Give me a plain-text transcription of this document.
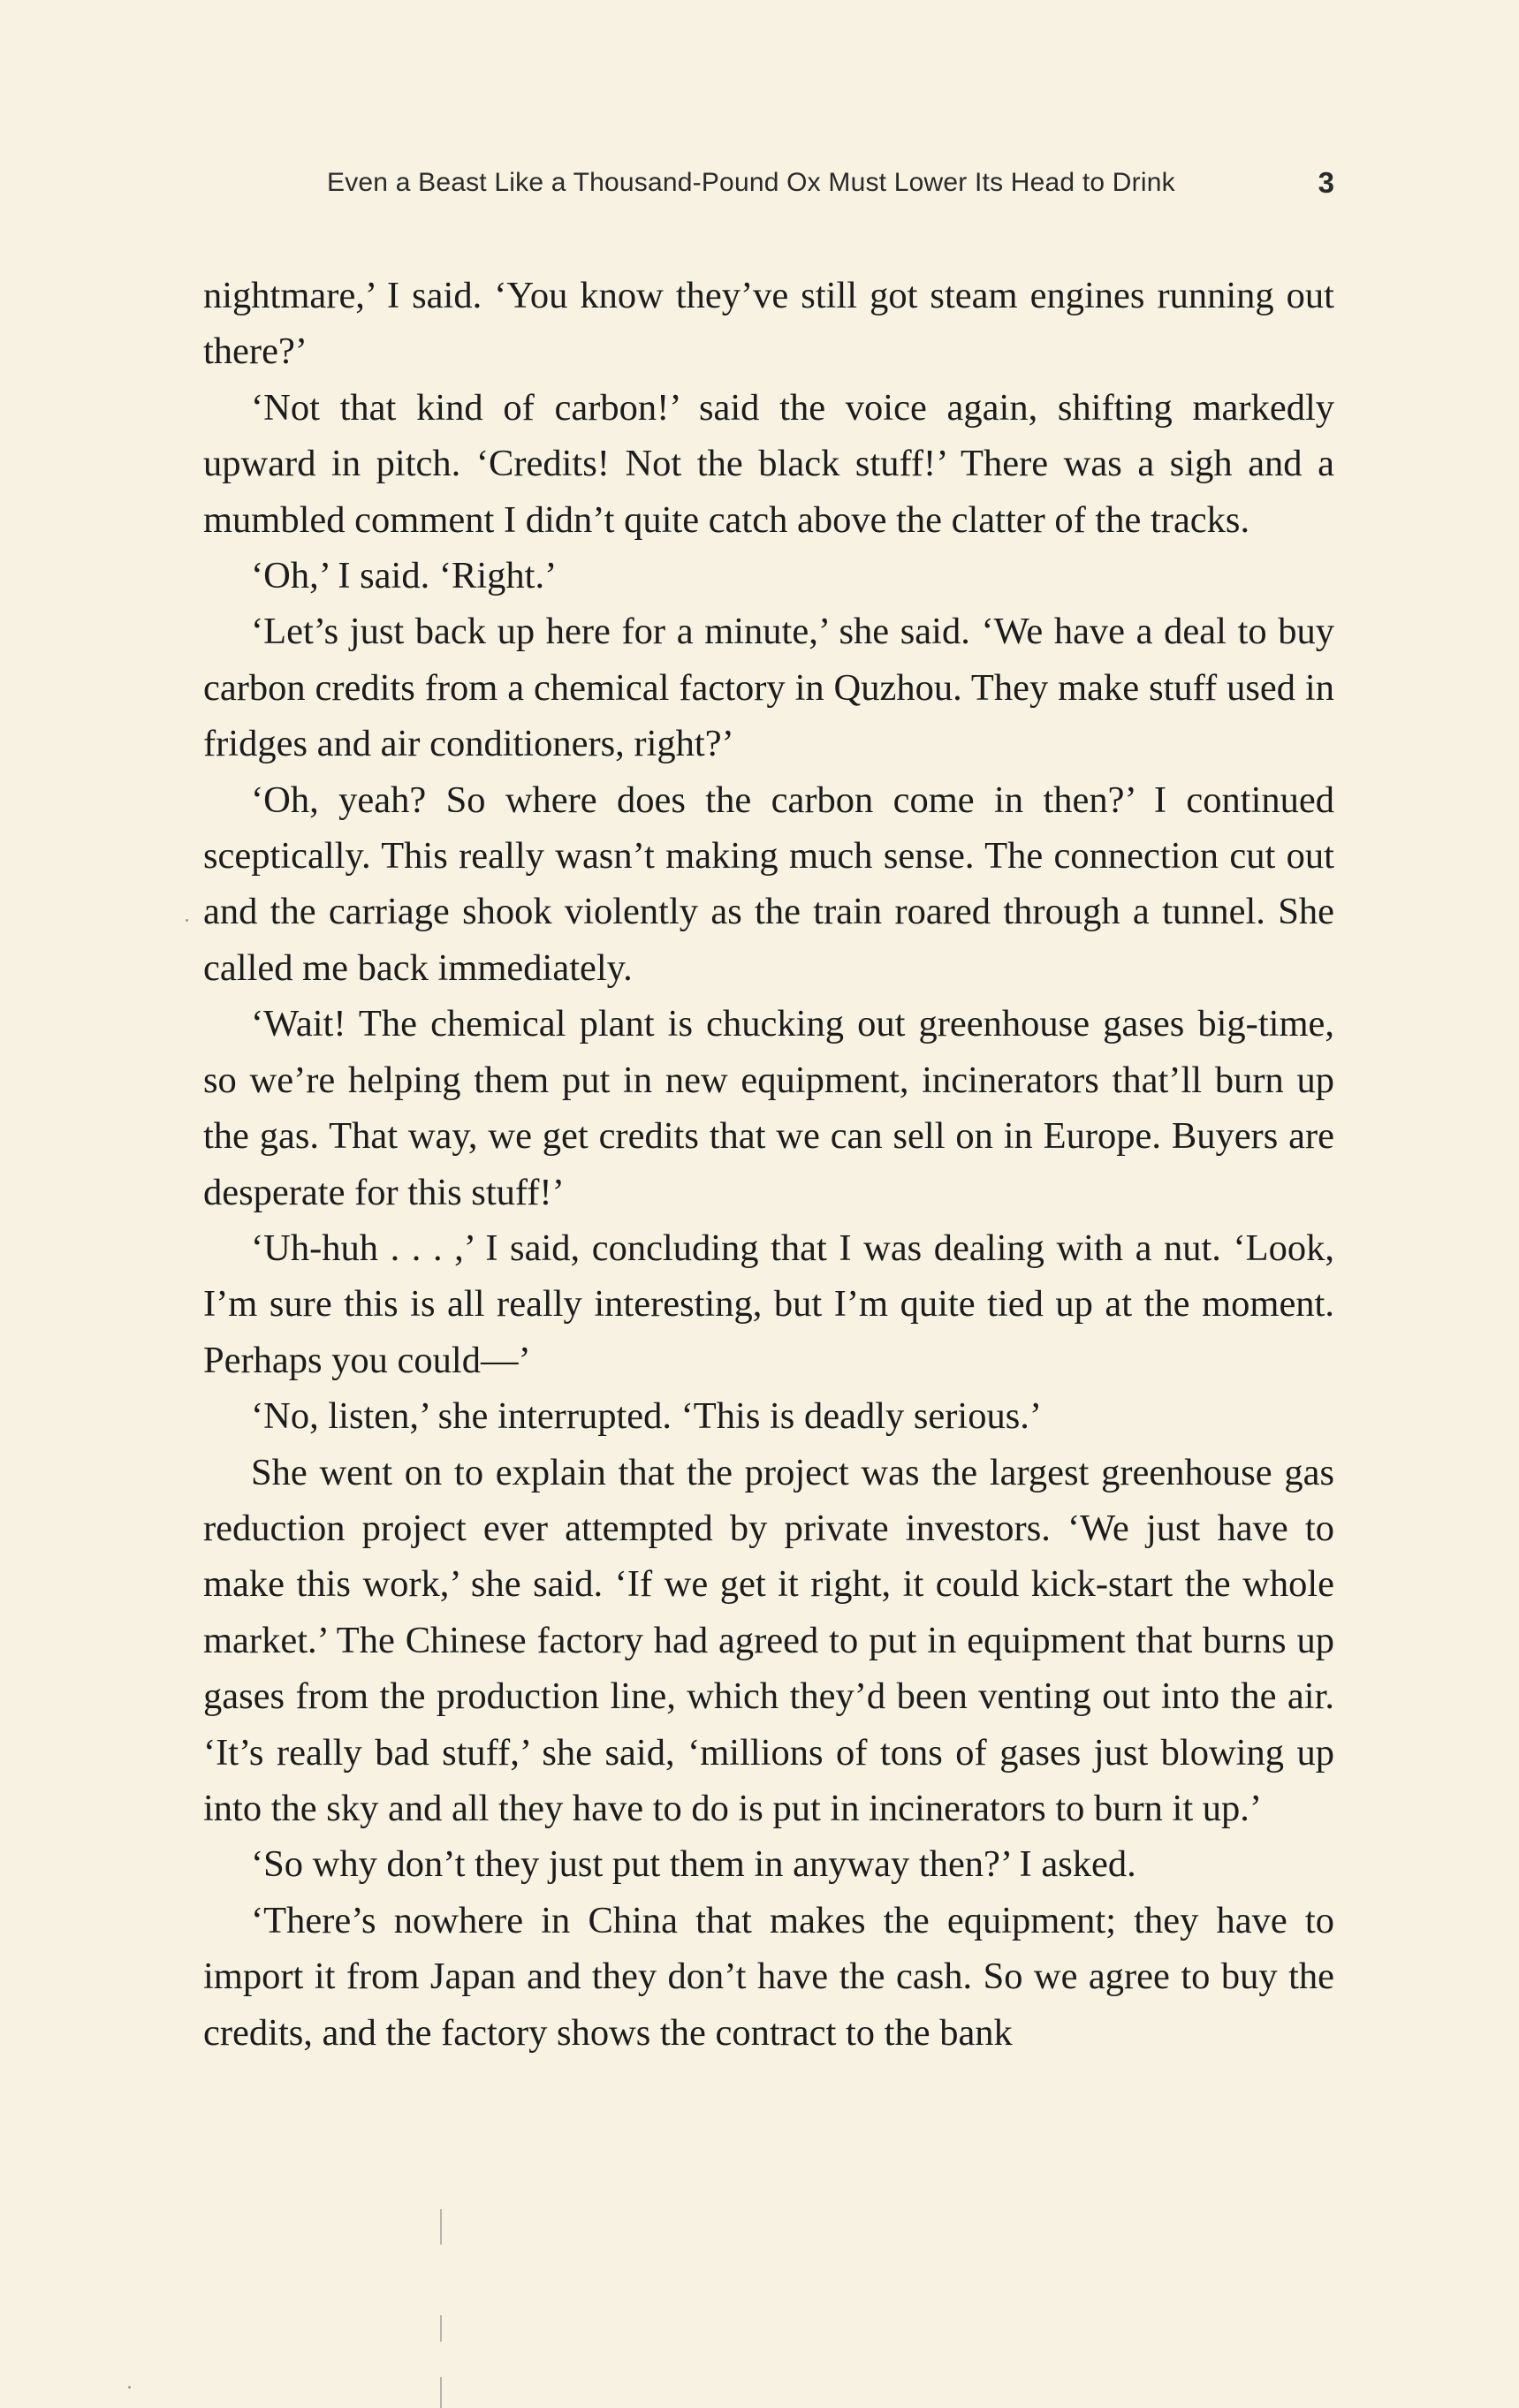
Even a Beast Like a Thousand-Pound Ox Must Lower Its Head to Drink	3

nightmare,’ I said. ‘You know they’ve still got steam engines running out there?’

‘Not that kind of carbon!’ said the voice again, shifting markedly upward in pitch. ‘Credits! Not the black stuff!’ There was a sigh and a mumbled comment I didn’t quite catch above the clatter of the tracks.

‘Oh,’ I said. ‘Right.’

‘Let’s just back up here for a minute,’ she said. ‘We have a deal to buy carbon credits from a chemical factory in Quzhou. They make stuff used in fridges and air conditioners, right?’

‘Oh, yeah? So where does the carbon come in then?’ I continued sceptically. This really wasn’t making much sense. The connection cut out and the carriage shook violently as the train roared through a tunnel. She called me back immediately.

‘Wait! The chemical plant is chucking out greenhouse gases big-time, so we’re helping them put in new equipment, incinerators that’ll burn up the gas. That way, we get credits that we can sell on in Europe. Buyers are desperate for this stuff!’

‘Uh-huh . . . ,’ I said, concluding that I was dealing with a nut. ‘Look, I’m sure this is all really interesting, but I’m quite tied up at the moment. Perhaps you could—’

‘No, listen,’ she interrupted. ‘This is deadly serious.’

She went on to explain that the project was the largest greenhouse gas reduction project ever attempted by private investors. ‘We just have to make this work,’ she said. ‘If we get it right, it could kick-start the whole market.’ The Chinese factory had agreed to put in equipment that burns up gases from the production line, which they’d been venting out into the air. ‘It’s really bad stuff,’ she said, ‘millions of tons of gases just blowing up into the sky and all they have to do is put in incinerators to burn it up.’

‘So why don’t they just put them in anyway then?’ I asked.

‘There’s nowhere in China that makes the equipment; they have to import it from Japan and they don’t have the cash. So we agree to buy the credits, and the factory shows the contract to the bank
